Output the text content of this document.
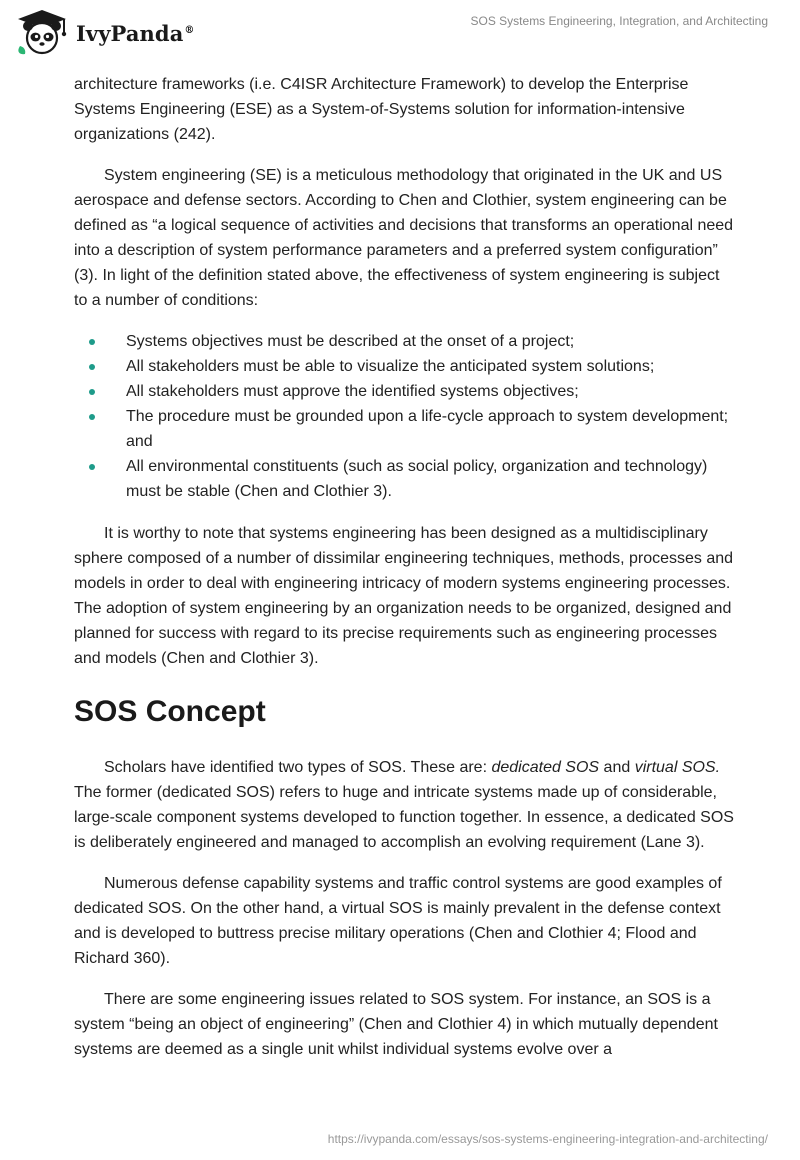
IvyPanda®
SOS Systems Engineering, Integration, and Architecting

architecture frameworks (i.e. C4ISR Architecture Framework) to develop the Enterprise Systems Engineering (ESE) as a System-of-Systems solution for information-intensive organizations (242).

System engineering (SE) is a meticulous methodology that originated in the UK and US aerospace and defense sectors. According to Chen and Clothier, system engineering can be defined as “a logical sequence of activities and decisions that transforms an operational need into a description of system performance parameters and a preferred system configuration” (3). In light of the definition stated above, the effectiveness of system engineering is subject to a number of conditions:

Systems objectives must be described at the onset of a project;
All stakeholders must be able to visualize the anticipated system solutions;
All stakeholders must approve the identified systems objectives;
The procedure must be grounded upon a life-cycle approach to system development; and
All environmental constituents (such as social policy, organization and technology) must be stable (Chen and Clothier 3).

It is worthy to note that systems engineering has been designed as a multidisciplinary sphere composed of a number of dissimilar engineering techniques, methods, processes and models in order to deal with engineering intricacy of modern systems engineering processes. The adoption of system engineering by an organization needs to be organized, designed and planned for success with regard to its precise requirements such as engineering processes and models (Chen and Clothier 3).

SOS Concept

Scholars have identified two types of SOS. These are: dedicated SOS and virtual SOS. The former (dedicated SOS) refers to huge and intricate systems made up of considerable, large-scale component systems developed to function together. In essence, a dedicated SOS is deliberately engineered and managed to accomplish an evolving requirement (Lane 3).

Numerous defense capability systems and traffic control systems are good examples of dedicated SOS. On the other hand, a virtual SOS is mainly prevalent in the defense context and is developed to buttress precise military operations (Chen and Clothier 4; Flood and Richard 360).

There are some engineering issues related to SOS system. For instance, an SOS is a system “being an object of engineering” (Chen and Clothier 4) in which mutually dependent systems are deemed as a single unit whilst individual systems evolve over a

https://ivypanda.com/essays/sos-systems-engineering-integration-and-architecting/
